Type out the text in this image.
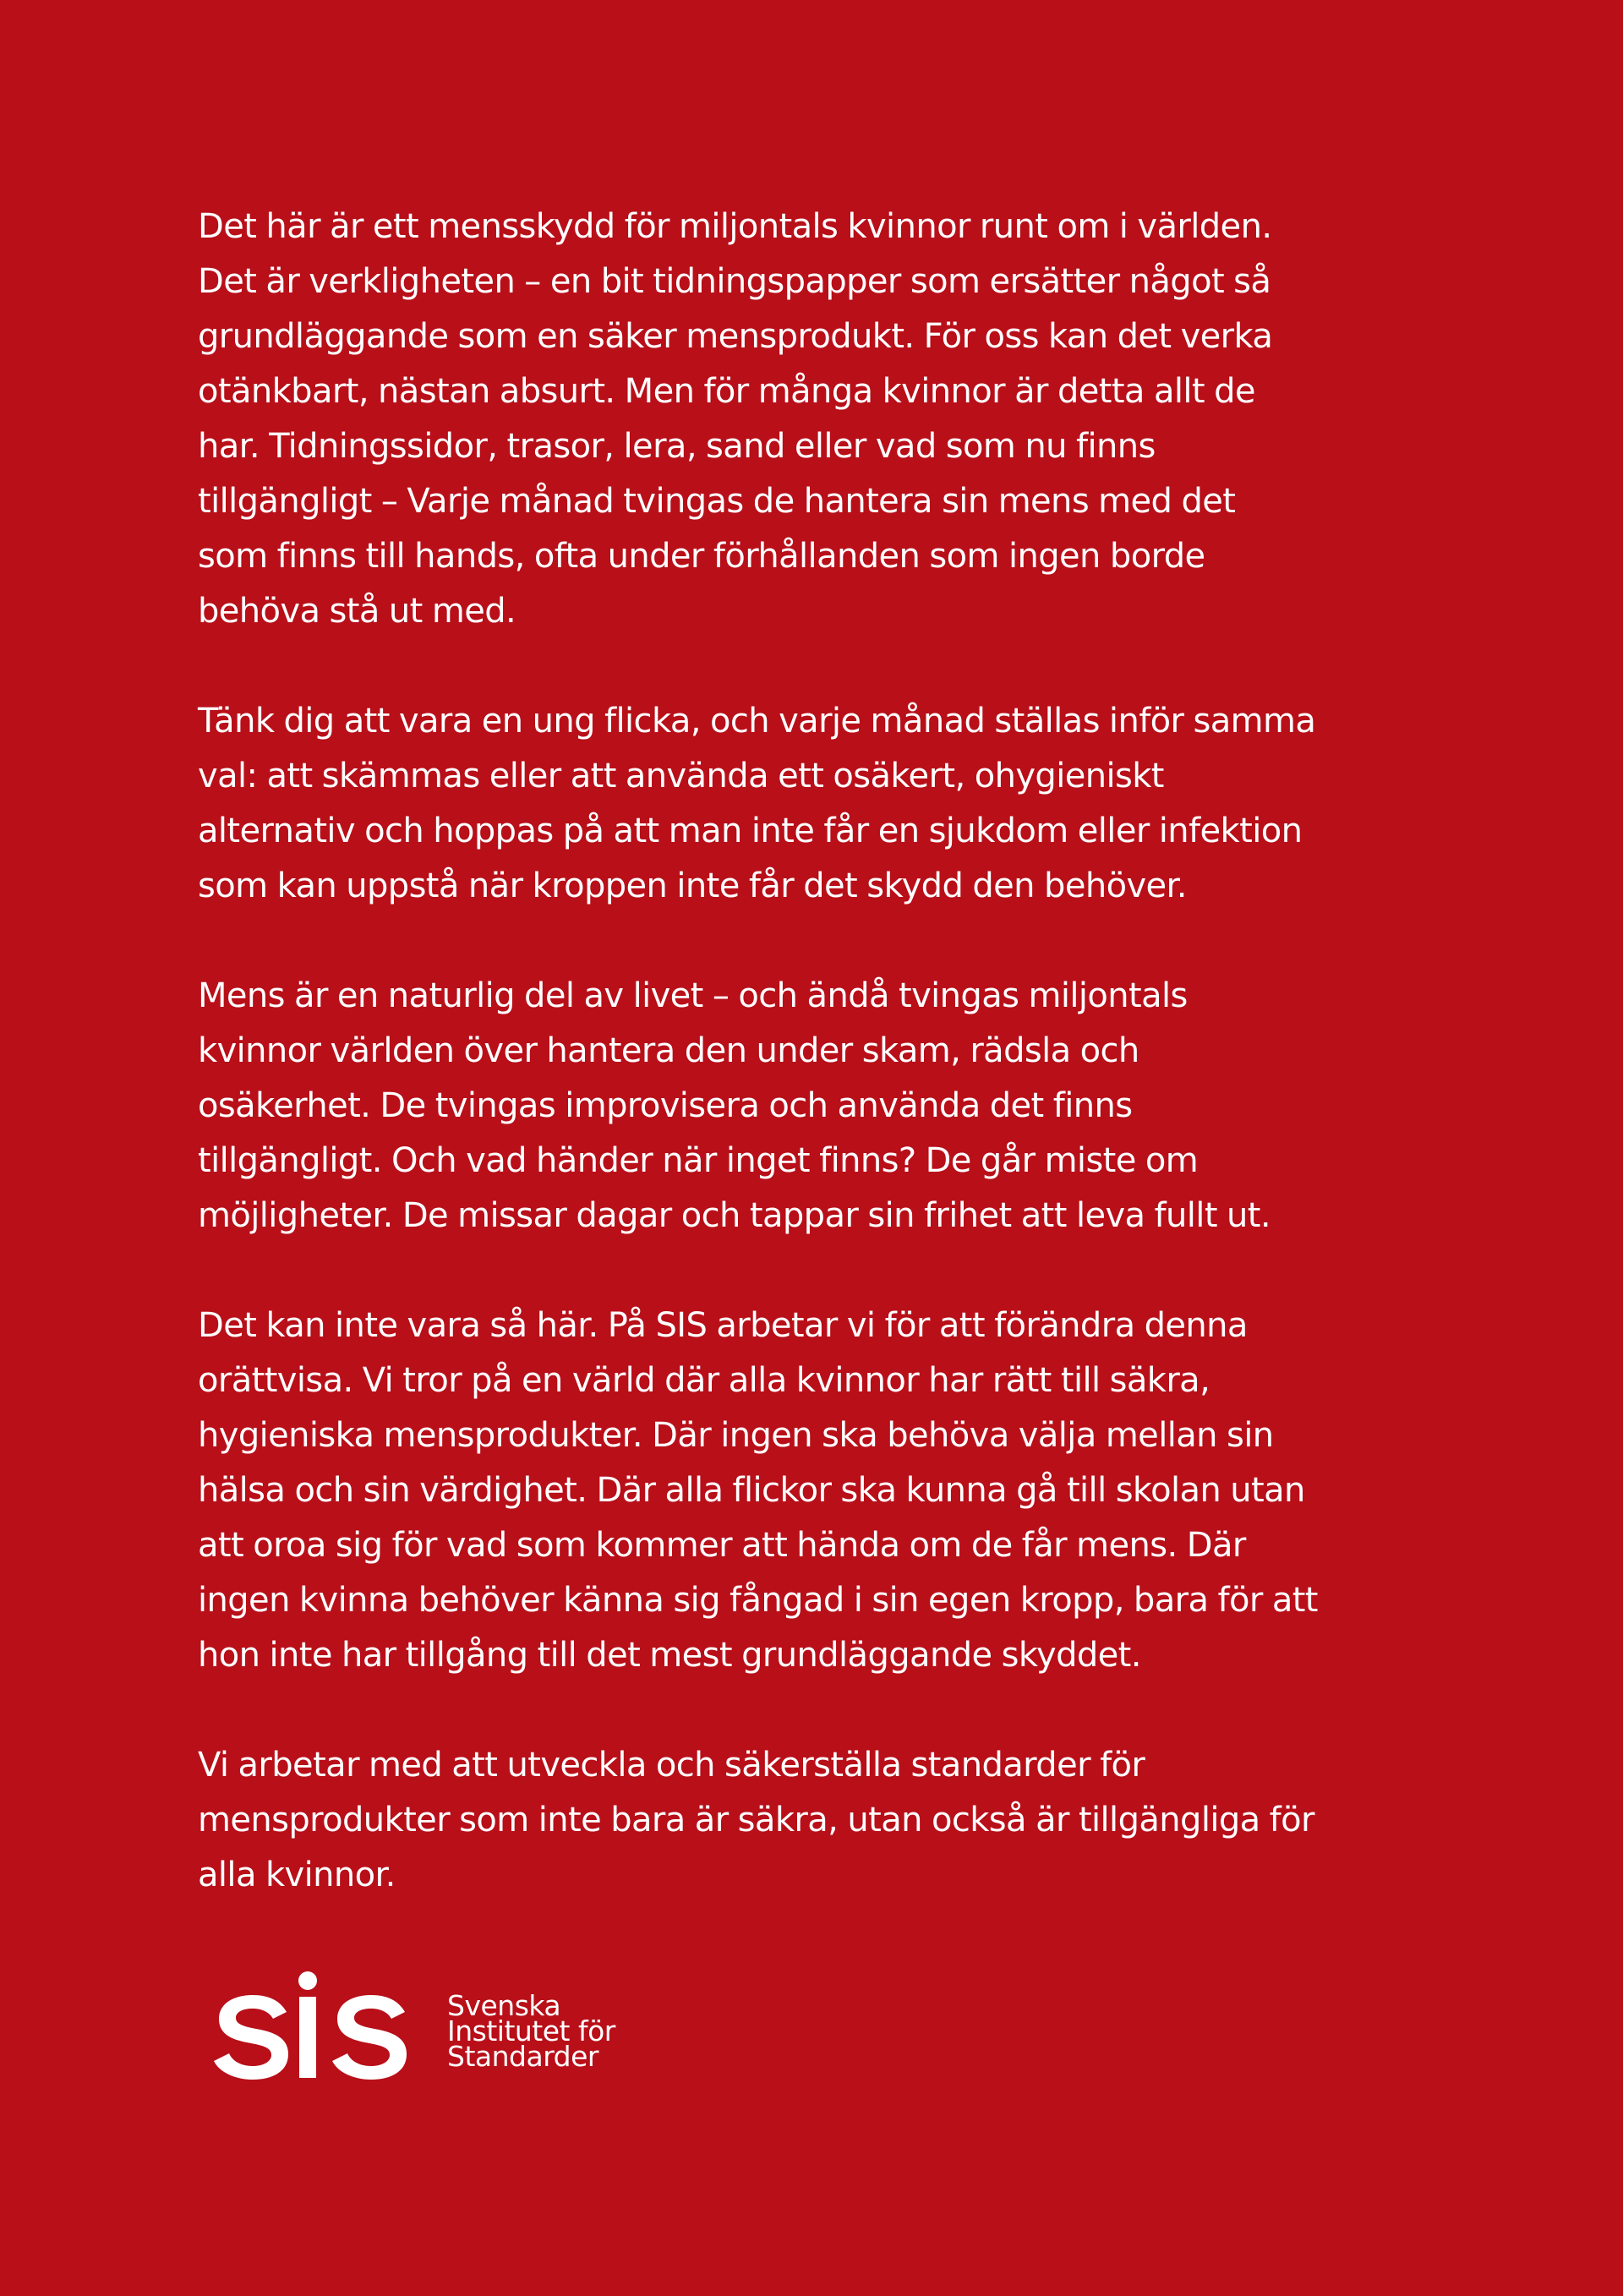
Det här är ett mensskydd för miljontals kvinnor runt om i världen.
Det är verkligheten – en bit tidningspapper som ersätter något så
grundläggande som en säker mensprodukt. För oss kan det verka
otänkbart, nästan absurt. Men för många kvinnor är detta allt de
har. Tidningssidor, trasor, lera, sand eller vad som nu finns
tillgängligt – Varje månad tvingas de hantera sin mens med det
som finns till hands, ofta under förhållanden som ingen borde
behöva stå ut med.

Tänk dig att vara en ung flicka, och varje månad ställas inför samma
val: att skämmas eller att använda ett osäkert, ohygieniskt
alternativ och hoppas på att man inte får en sjukdom eller infektion
som kan uppstå när kroppen inte får det skydd den behöver.

Mens är en naturlig del av livet – och ändå tvingas miljontals
kvinnor världen över hantera den under skam, rädsla och
osäkerhet. De tvingas improvisera och använda det finns
tillgängligt. Och vad händer när inget finns? De går miste om
möjligheter. De missar dagar och tappar sin frihet att leva fullt ut.

Det kan inte vara så här. På SIS arbetar vi för att förändra denna
orättvisa. Vi tror på en värld där alla kvinnor har rätt till säkra,
hygieniska mensprodukter. Där ingen ska behöva välja mellan sin
hälsa och sin värdighet. Där alla flickor ska kunna gå till skolan utan
att oroa sig för vad som kommer att hända om de får mens. Där
ingen kvinna behöver känna sig fångad i sin egen kropp, bara för att
hon inte har tillgång till det mest grundläggande skyddet.

Vi arbetar med att utveckla och säkerställa standarder för
mensprodukter som inte bara är säkra, utan också är tillgängliga för
alla kvinnor.

Svenska
Institutet för
Standarder
